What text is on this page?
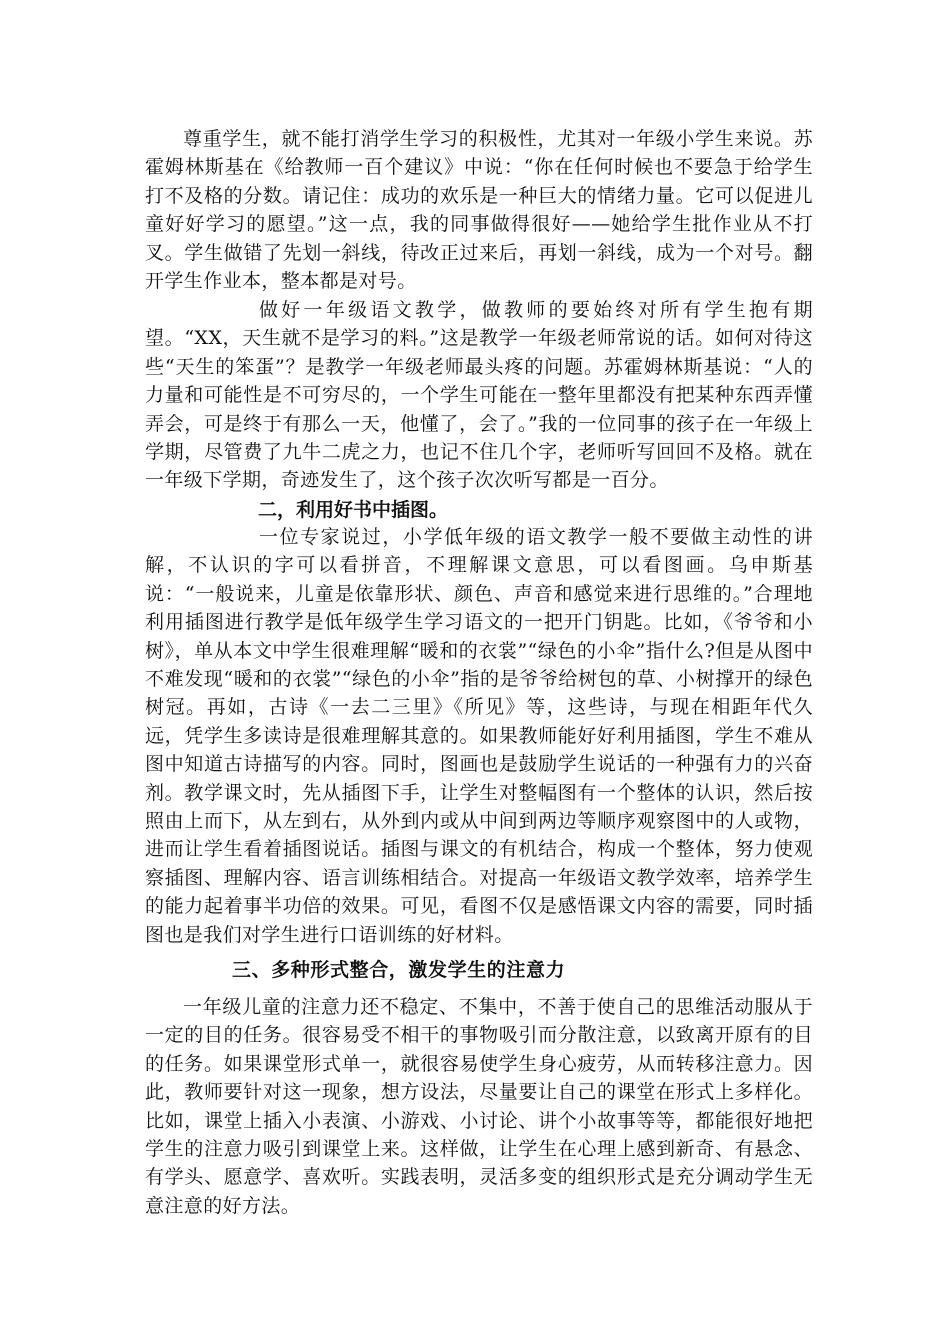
尊重学生，就不能打消学生学习的积极性，尤其对一年级小学生来说。苏霍姆林斯基在《给教师一百个建议》中说：“你在任何时候也不要急于给学生打不及格的分数。请记住：成功的欢乐是一种巨大的情绪力量。它可以促进儿童好好学习的愿望。”这一点，我的同事做得很好——她给学生批作业从不打叉。学生做错了先划一斜线，待改正过来后，再划一斜线，成为一个对号。翻开学生作业本，整本都是对号。

做好一年级语文教学，做教师的要始终对所有学生抱有期望。“XX，天生就不是学习的料。”这是教学一年级老师常说的话。如何对待这些“天生的笨蛋”？是教学一年级老师最头疼的问题。苏霍姆林斯基说：“人的力量和可能性是不可穷尽的，一个学生可能在一整年里都没有把某种东西弄懂弄会，可是终于有那么一天，他懂了，会了。”我的一位同事的孩子在一年级上学期，尽管费了九牛二虎之力，也记不住几个字，老师听写回回不及格。就在一年级下学期，奇迹发生了，这个孩子次次听写都是一百分。

二，利用好书中插图。

一位专家说过，小学低年级的语文教学一般不要做主动性的讲解，不认识的字可以看拼音，不理解课文意思，可以看图画。乌申斯基说：“一般说来，儿童是依靠形状、颜色、声音和感觉来进行思维的。”合理地利用插图进行教学是低年级学生学习语文的一把开门钥匙。比如，《爷爷和小树》，单从本文中学生很难理解“暖和的衣裳”“绿色的小伞”指什么?但是从图中不难发现“暖和的衣裳”“绿色的小伞”指的是爷爷给树包的草、小树撑开的绿色树冠。再如，古诗《一去二三里》《所见》等，这些诗，与现在相距年代久远，凭学生多读诗是很难理解其意的。如果教师能好好利用插图，学生不难从图中知道古诗描写的内容。同时，图画也是鼓励学生说话的一种强有力的兴奋剂。教学课文时，先从插图下手，让学生对整幅图有一个整体的认识，然后按照由上而下，从左到右，从外到内或从中间到两边等顺序观察图中的人或物，进而让学生看着插图说话。插图与课文的有机结合，构成一个整体，努力使观察插图、理解内容、语言训练相结合。对提高一年级语文教学效率，培养学生的能力起着事半功倍的效果。可见，看图不仅是感悟课文内容的需要，同时插图也是我们对学生进行口语训练的好材料。

三、多种形式整合，激发学生的注意力

一年级儿童的注意力还不稳定、不集中，不善于使自己的思维活动服从于一定的目的任务。很容易受不相干的事物吸引而分散注意，以致离开原有的目的任务。如果课堂形式单一，就很容易使学生身心疲劳，从而转移注意力。因此，教师要针对这一现象，想方设法，尽量要让自己的课堂在形式上多样化。比如，课堂上插入小表演、小游戏、小讨论、讲个小故事等等，都能很好地把学生的注意力吸引到课堂上来。这样做，让学生在心理上感到新奇、有悬念、有学头、愿意学、喜欢听。实践表明，灵活多变的组织形式是充分调动学生无意注意的好方法。
